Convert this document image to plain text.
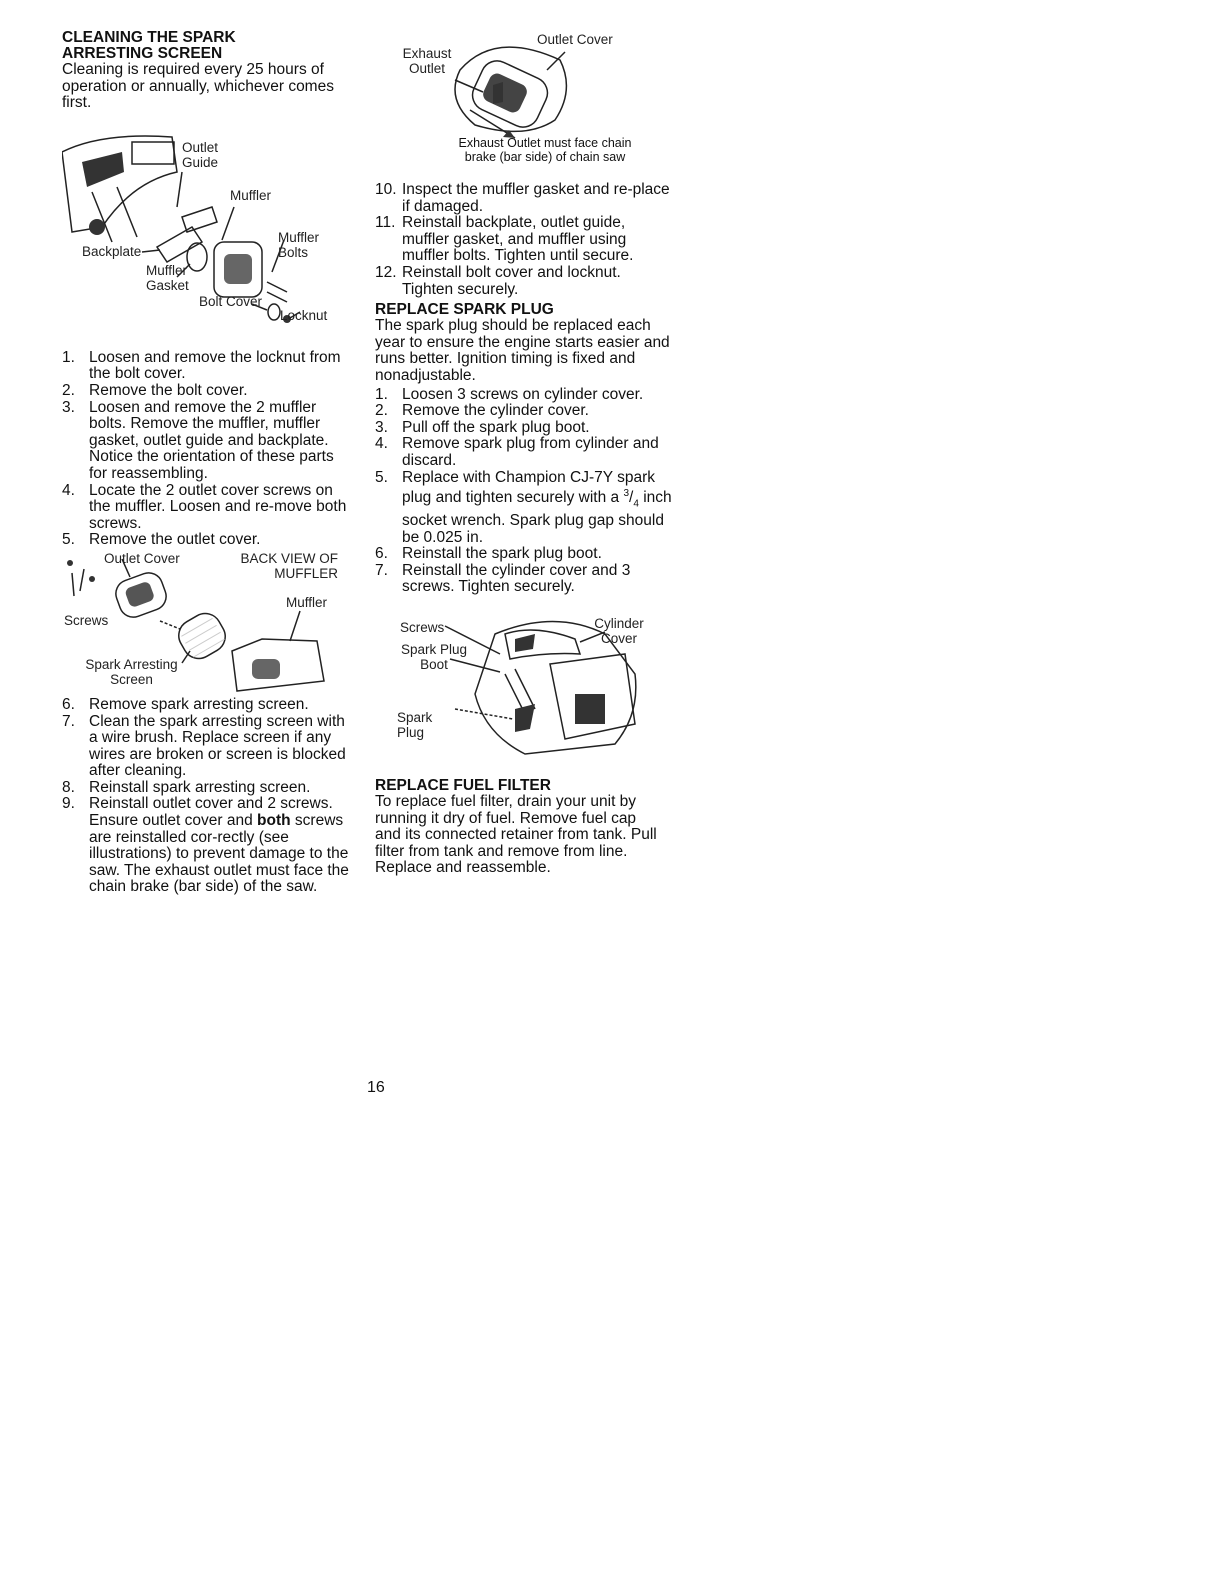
CLEANING THE SPARK ARRESTING SCREEN

Cleaning is required every 25 hours of operation or annually, whichever comes first.

Outlet Guide
Muffler
Muffler Bolts
Backplate
Muffler Gasket
Bolt Cover
Locknut
1. Loosen and remove the locknut from the bolt cover.
2. Remove the bolt cover.
3. Loosen and remove the 2 muffler bolts. Remove the muffler, muffler gasket, outlet guide and backplate. Notice the orientation of these parts for reassembling.
4. Locate the 2 outlet cover screws on the muffler. Loosen and re-move both screws.
5. Remove the outlet cover.
Outlet Cover	BACK VIEW OF MUFFLER
Muffler
Screws
Spark Arresting Screen
6. Remove spark arresting screen.
7. Clean the spark arresting screen with a wire brush. Replace screen if any wires are broken or screen is blocked after cleaning.
8. Reinstall spark arresting screen.
9. Reinstall outlet cover and 2 screws. Ensure outlet cover and both screws are reinstalled cor-rectly (see illustrations) to prevent damage to the saw. The exhaust outlet must face the chain brake (bar side) of the saw.
Outlet Cover
Exhaust Outlet
Exhaust Outlet must face chain
brake (bar side) of chain saw
10. Inspect the muffler gasket and re-place if damaged.
11. Reinstall backplate, outlet guide, muffler gasket, and muffler using muffler bolts. Tighten until secure.
12. Reinstall bolt cover and locknut. Tighten securely.
REPLACE SPARK PLUG

The spark plug should be replaced each year to ensure the engine starts easier and runs better. Ignition timing is fixed and nonadjustable.

1. Loosen 3 screws on cylinder cover.
2. Remove the cylinder cover.
3. Pull off the spark plug boot.
4. Remove spark plug from cylinder and discard.
5. Replace with Champion CJ-7Y spark plug and tighten securely with a $^3/_4$ inch socket wrench. Spark plug gap should be 0.025 in.
6. Reinstall the spark plug boot.
7. Reinstall the cylinder cover and 3 screws. Tighten securely.
Screws
Spark Plug Boot
Spark Plug
Cylinder Cover
REPLACE FUEL FILTER

To replace fuel filter, drain your unit by running it dry of fuel. Remove fuel cap and its connected retainer from tank. Pull filter from tank and remove from line. Replace and reassemble.

16
